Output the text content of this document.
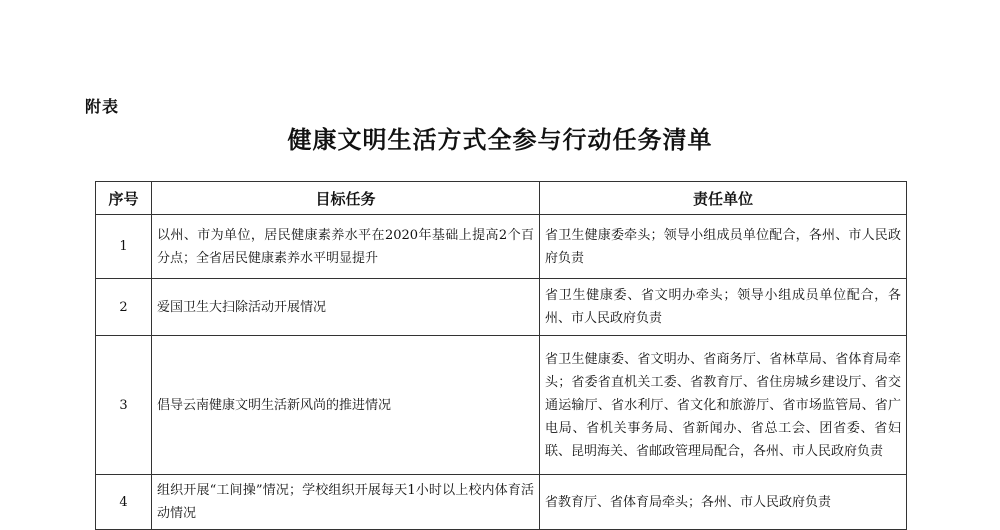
附表
健康文明生活方式全参与行动任务清单
序号	目标任务	责任单位
1	以州、市为单位，居民健康素养水平在2020年基础上提高2个百分点；全省居民健康素养水平明显提升	省卫生健康委牵头；领导小组成员单位配合，各州、市人民政府负责
2	爱国卫生大扫除活动开展情况	省卫生健康委、省文明办牵头；领导小组成员单位配合，各州、市人民政府负责
3	倡导云南健康文明生活新风尚的推进情况	省卫生健康委、省文明办、省商务厅、省林草局、省体育局牵头；省委省直机关工委、省教育厅、省住房城乡建设厅、省交通运输厅、省水利厅、省文化和旅游厅、省市场监管局、省广电局、省机关事务局、省新闻办、省总工会、团省委、省妇联、昆明海关、省邮政管理局配合，各州、市人民政府负责
4	组织开展“工间操”情况；学校组织开展每天1小时以上校内体育活动情况	省教育厅、省体育局牵头；各州、市人民政府负责
